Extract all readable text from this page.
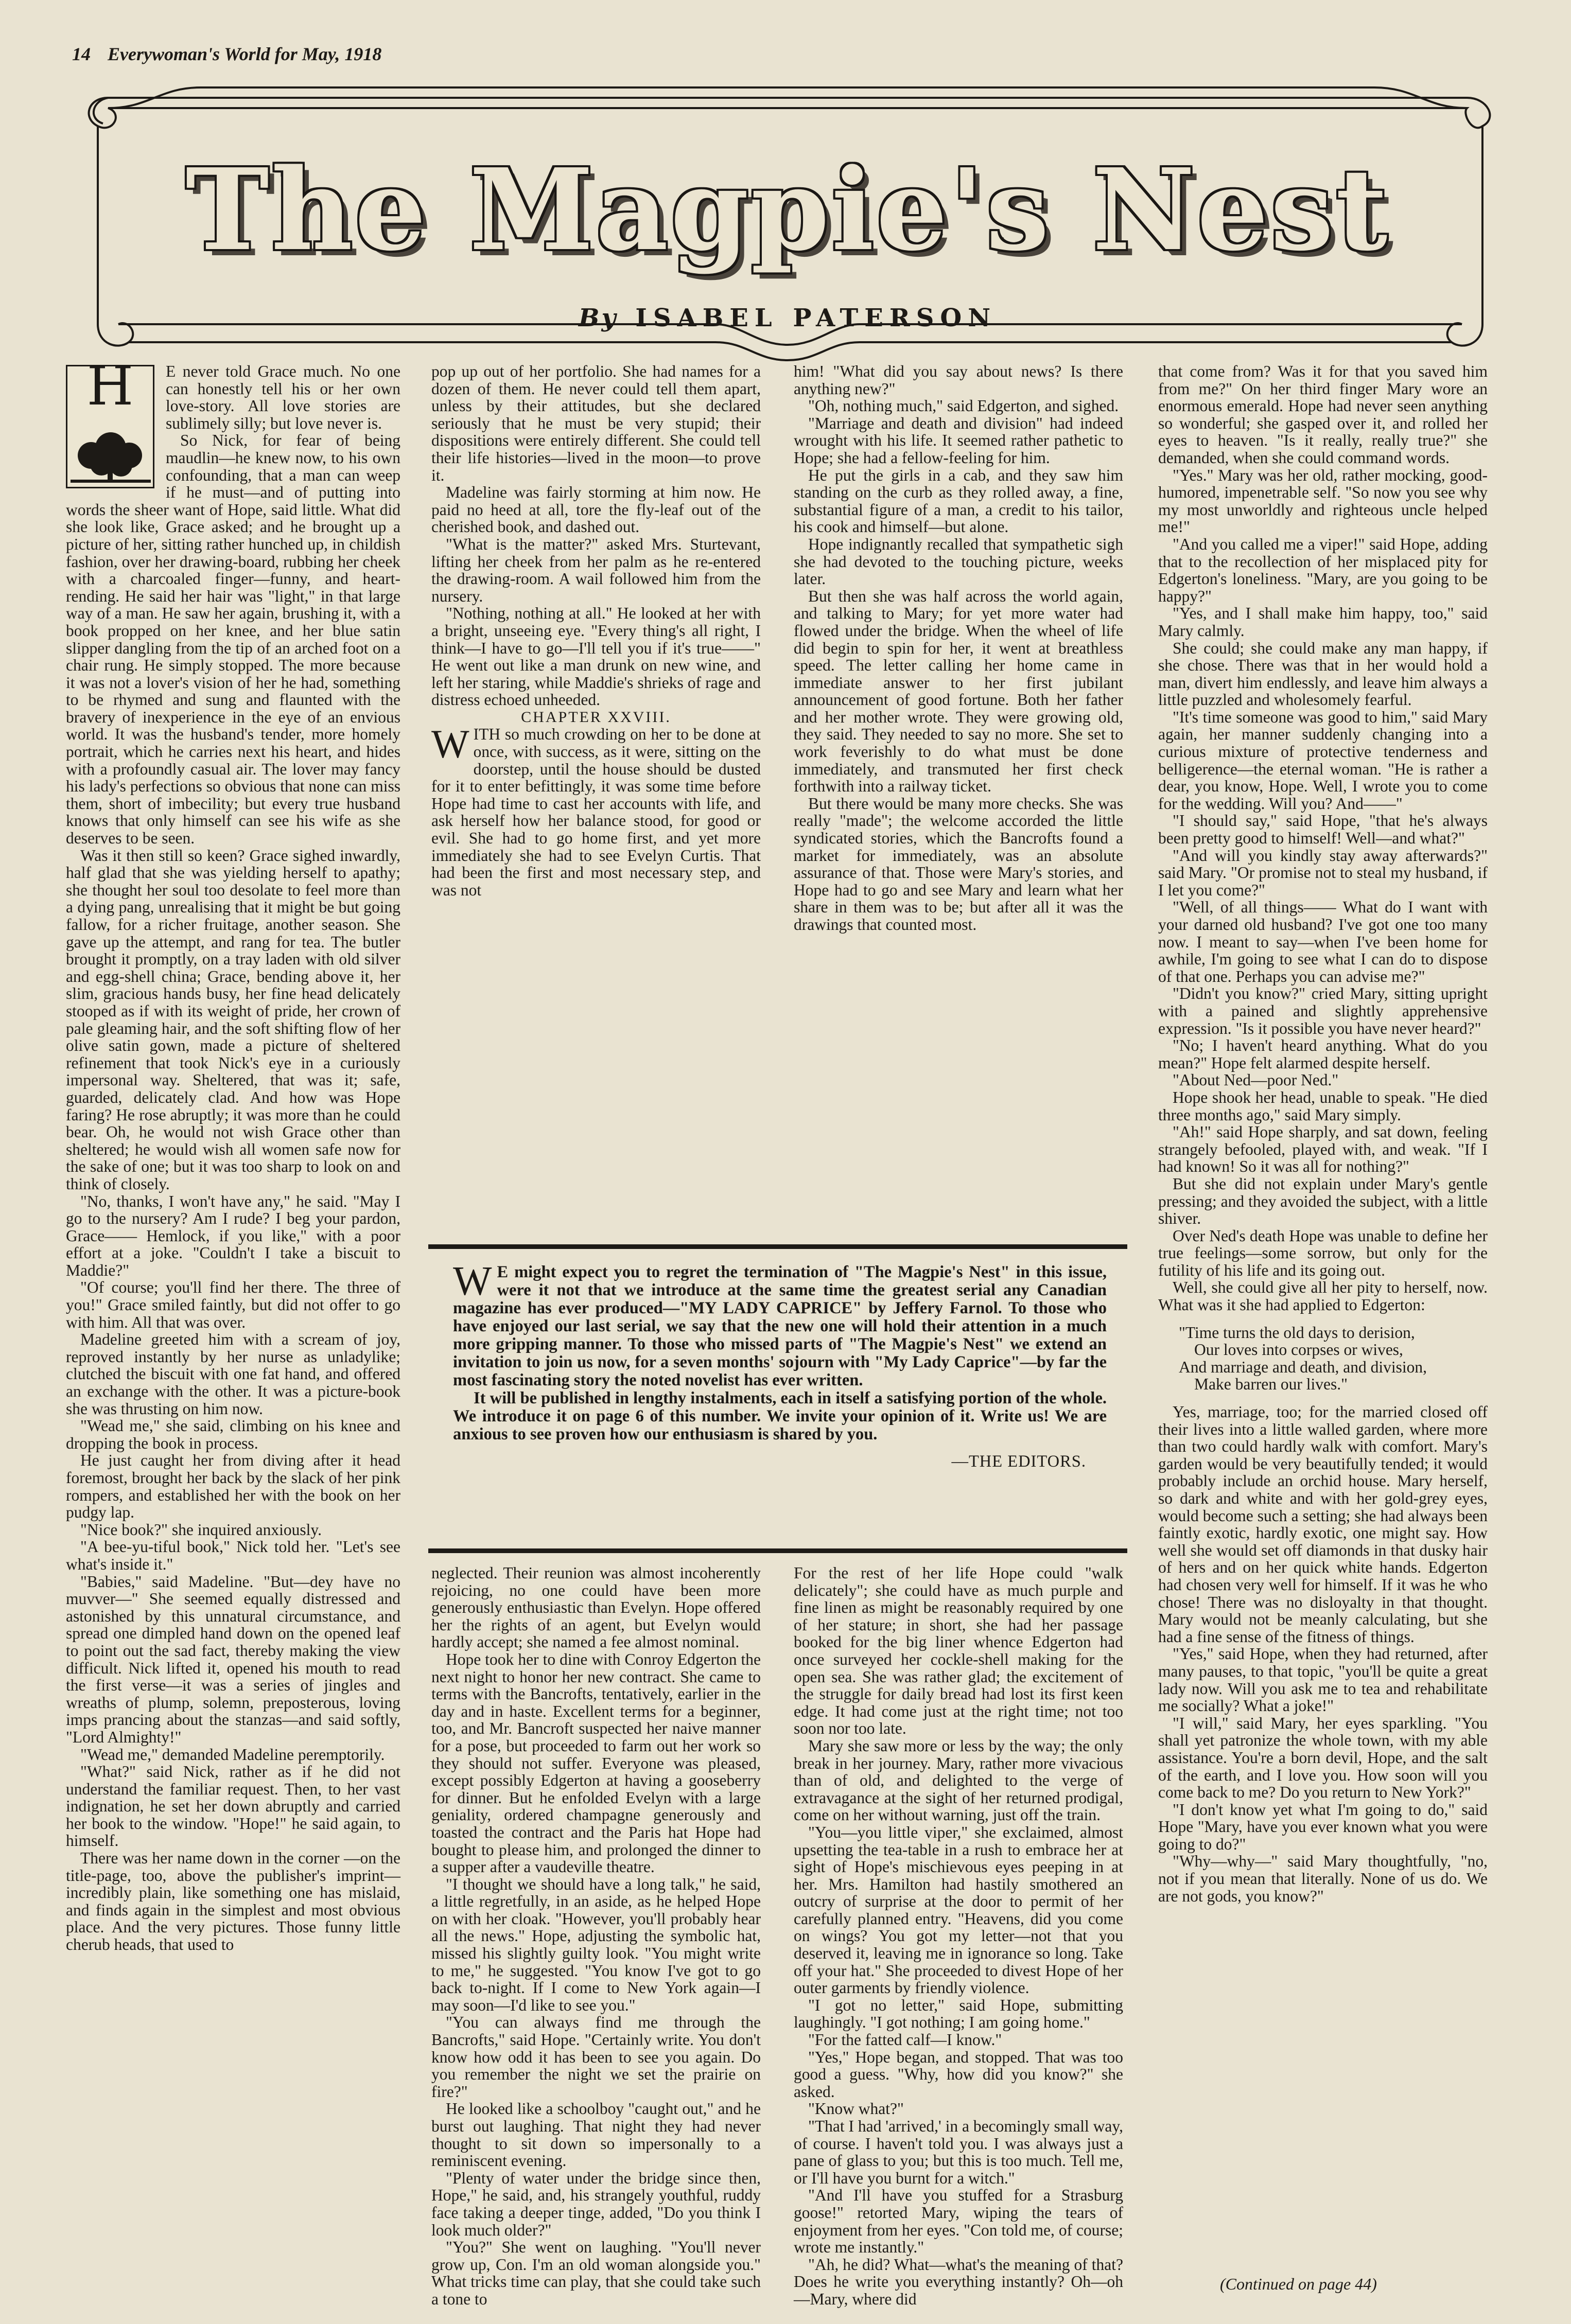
14 Everywoman's World for May, 1918
The Magpie's Nest
By ISABEL PATERSON
H	E never told Grace much. No one can honestly tell his or her own love-story. All love stories are sublimely silly; but love never is.

So Nick, for fear of being maudlin—he knew now, to his own confounding, that a man can weep if he must—and of putting into words the sheer want of Hope, said little. What did she look like, Grace asked; and he brought up a picture of her, sitting rather hunched up, in childish fashion, over her drawing-board, rubbing her cheek with a charcoaled finger—funny, and heart-rending. He said her hair was "light," in that large way of a man. He saw her again, brushing it, with a book propped on her knee, and her blue satin slipper dangling from the tip of an arched foot on a chair rung. He simply stopped. The more because it was not a lover's vision of her he had, something to be rhymed and sung and flaunted with the bravery of inexperience in the eye of an envious world. It was the husband's tender, more homely portrait, which he carries next his heart, and hides with a profoundly casual air. The lover may fancy his lady's perfections so obvious that none can miss them, short of imbecility; but every true husband knows that only himself can see his wife as she deserves to be seen.

Was it then still so keen? Grace sighed inwardly, half glad that she was yielding herself to apathy; she thought her soul too desolate to feel more than a dying pang, unrealising that it might be but going fallow, for a richer fruitage, another season. She gave up the attempt, and rang for tea. The butler brought it promptly, on a tray laden with old silver and egg-shell china; Grace, bending above it, her slim, gracious hands busy, her fine head delicately stooped as if with its weight of pride, her crown of pale gleaming hair, and the soft shifting flow of her olive satin gown, made a picture of sheltered refinement that took Nick's eye in a curiously impersonal way. Sheltered, that was it; safe, guarded, delicately clad. And how was Hope faring? He rose abruptly; it was more than he could bear. Oh, he would not wish Grace other than sheltered; he would wish all women safe now for the sake of one; but it was too sharp to look on and think of closely.

"No, thanks, I won't have any," he said. "May I go to the nursery? Am I rude? I beg your pardon, Grace—— Hemlock, if you like," with a poor effort at a joke. "Couldn't I take a biscuit to Maddie?"

"Of course; you'll find her there. The three of you!" Grace smiled faintly, but did not offer to go with him. All that was over.

Madeline greeted him with a scream of joy, reproved instantly by her nurse as unladylike; clutched the biscuit with one fat hand, and offered an exchange with the other. It was a picture-book she was thrusting on him now.

"Wead me," she said, climbing on his knee and dropping the book in process.

He just caught her from diving after it head foremost, brought her back by the slack of her pink rompers, and established her with the book on her pudgy lap.

"Nice book?" she inquired anxiously.

"A bee-yu-tiful book," Nick told her. "Let's see what's inside it."

"Babies," said Madeline. "But—dey have no muvver—" She seemed equally distressed and astonished by this unnatural circumstance, and spread one dimpled hand down on the opened leaf to point out the sad fact, thereby making the view difficult. Nick lifted it, opened his mouth to read the first verse—it was a series of jingles and wreaths of plump, solemn, preposterous, loving imps prancing about the stanzas—and said softly, "Lord Almighty!"

"Wead me," demanded Madeline peremptorily.

"What?" said Nick, rather as if he did not understand the familiar request. Then, to her vast indignation, he set her down abruptly and carried her book to the window. "Hope!" he said again, to himself.

There was her name down in the corner —on the title-page, too, above the publisher's imprint—incredibly plain, like something one has mislaid, and finds again in the simplest and most obvious place. And the very pictures. Those funny little cherub heads, that used to

pop up out of her portfolio. She had names for a dozen of them. He never could tell them apart, unless by their attitudes, but she declared seriously that he must be very stupid; their dispositions were entirely different. She could tell their life histories—lived in the moon—to prove it.

Madeline was fairly storming at him now. He paid no heed at all, tore the fly-leaf out of the cherished book, and dashed out.

"What is the matter?" asked Mrs. Sturtevant, lifting her cheek from her palm as he re-entered the drawing-room. A wail followed him from the nursery.

"Nothing, nothing at all." He looked at her with a bright, unseeing eye. "Every thing's all right, I think—I have to go—I'll tell you if it's true——" He went out like a man drunk on new wine, and left her staring, while Maddie's shrieks of rage and distress echoed unheeded.

CHAPTER XXVIII.

WITH so much crowding on her to be done at once, with success, as it were, sitting on the doorstep, until the house should be dusted for it to enter befittingly, it was some time before Hope had time to cast her accounts with life, and ask herself how her balance stood, for good or evil. She had to go home first, and yet more immediately she had to see Evelyn Curtis. That had been the first and most necessary step, and was not

him! "What did you say about news? Is there anything new?"

"Oh, nothing much," said Edgerton, and sighed.

"Marriage and death and division" had indeed wrought with his life. It seemed rather pathetic to Hope; she had a fellow-feeling for him.

He put the girls in a cab, and they saw him standing on the curb as they rolled away, a fine, substantial figure of a man, a credit to his tailor, his cook and himself—but alone.

Hope indignantly recalled that sympathetic sigh she had devoted to the touching picture, weeks later.

But then she was half across the world again, and talking to Mary; for yet more water had flowed under the bridge. When the wheel of life did begin to spin for her, it went at breathless speed. The letter calling her home came in immediate answer to her first jubilant announcement of good fortune. Both her father and her mother wrote. They were growing old, they said. They needed to say no more. She set to work feverishly to do what must be done immediately, and transmuted her first check forthwith into a railway ticket.

But there would be many more checks. She was really "made"; the welcome accorded the little syndicated stories, which the Bancrofts found a market for immediately, was an absolute assurance of that. Those were Mary's stories, and Hope had to go and see Mary and learn what her share in them was to be; but after all it was the drawings that counted most.

W E might expect you to regret the termination of "The Magpie's Nest" in this issue, were it not that we introduce at the same time the greatest serial any Canadian magazine has ever produced—"MY LADY CAPRICE" by Jeffery Farnol. To those who have enjoyed our last serial, we say that the new one will hold their attention in a much more gripping manner. To those who missed parts of "The Magpie's Nest" we extend an invitation to join us now, for a seven months' sojourn with "My Lady Caprice"—by far the most fascinating story the noted novelist has ever written.

It will be published in lengthy instalments, each in itself a satisfying portion of the whole. We introduce it on page 6 of this number. We invite your opinion of it. Write us! We are anxious to see proven how our enthusiasm is shared by you.

—THE EDITORS.

neglected. Their reunion was almost incoherently rejoicing, no one could have been more generously enthusiastic than Evelyn. Hope offered her the rights of an agent, but Evelyn would hardly accept; she named a fee almost nominal.

Hope took her to dine with Conroy Edgerton the next night to honor her new contract. She came to terms with the Bancrofts, tentatively, earlier in the day and in haste. Excellent terms for a beginner, too, and Mr. Bancroft suspected her naive manner for a pose, but proceeded to farm out her work so they should not suffer. Everyone was pleased, except possibly Edgerton at having a gooseberry for dinner. But he enfolded Evelyn with a large geniality, ordered champagne generously and toasted the contract and the Paris hat Hope had bought to please him, and prolonged the dinner to a supper after a vaudeville theatre.

"I thought we should have a long talk," he said, a little regretfully, in an aside, as he helped Hope on with her cloak. "However, you'll probably hear all the news." Hope, adjusting the symbolic hat, missed his slightly guilty look. "You might write to me," he suggested. "You know I've got to go back to-night. If I come to New York again—I may soon—I'd like to see you."

"You can always find me through the Bancrofts," said Hope. "Certainly write. You don't know how odd it has been to see you again. Do you remember the night we set the prairie on fire?"

He looked like a schoolboy "caught out," and he burst out laughing. That night they had never thought to sit down so impersonally to a reminiscent evening.

"Plenty of water under the bridge since then, Hope," he said, and, his strangely youthful, ruddy face taking a deeper tinge, added, "Do you think I look much older?"

"You?" She went on laughing. "You'll never grow up, Con. I'm an old woman alongside you." What tricks time can play, that she could take such a tone to

For the rest of her life Hope could "walk delicately"; she could have as much purple and fine linen as might be reasonably required by one of her stature; in short, she had her passage booked for the big liner whence Edgerton had once surveyed her cockle-shell making for the open sea. She was rather glad; the excitement of the struggle for daily bread had lost its first keen edge. It had come just at the right time; not too soon nor too late.

Mary she saw more or less by the way; the only break in her journey. Mary, rather more vivacious than of old, and delighted to the verge of extravagance at the sight of her returned prodigal, come on her without warning, just off the train.

"You—you little viper," she exclaimed, almost upsetting the tea-table in a rush to embrace her at sight of Hope's mischievous eyes peeping in at her. Mrs. Hamilton had hastily smothered an outcry of surprise at the door to permit of her carefully planned entry. "Heavens, did you come on wings? You got my letter—not that you deserved it, leaving me in ignorance so long. Take off your hat." She proceeded to divest Hope of her outer garments by friendly violence.

"I got no letter," said Hope, submitting laughingly. "I got nothing; I am going home."

"For the fatted calf—I know."

"Yes," Hope began, and stopped. That was too good a guess. "Why, how did you know?" she asked.

"Know what?"

"That I had 'arrived,' in a becomingly small way, of course. I haven't told you. I was always just a pane of glass to you; but this is too much. Tell me, or I'll have you burnt for a witch."

"And I'll have you stuffed for a Strasburg goose!" retorted Mary, wiping the tears of enjoyment from her eyes. "Con told me, of course; wrote me instantly."

"Ah, he did? What—what's the meaning of that? Does he write you everything instantly? Oh—oh—Mary, where did

that come from? Was it for that you saved him from me?" On her third finger Mary wore an enormous emerald. Hope had never seen anything so wonderful; she gasped over it, and rolled her eyes to heaven. "Is it really, really true?" she demanded, when she could command words.

"Yes." Mary was her old, rather mocking, good-humored, impenetrable self. "So now you see why my most unworldly and righteous uncle helped me!"

"And you called me a viper!" said Hope, adding that to the recollection of her misplaced pity for Edgerton's loneliness. "Mary, are you going to be happy?"

"Yes, and I shall make him happy, too," said Mary calmly.

She could; she could make any man happy, if she chose. There was that in her would hold a man, divert him endlessly, and leave him always a little puzzled and wholesomely fearful.

"It's time someone was good to him," said Mary again, her manner suddenly changing into a curious mixture of protective tenderness and belligerence—the eternal woman. "He is rather a dear, you know, Hope. Well, I wrote you to come for the wedding. Will you? And——"

"I should say," said Hope, "that he's always been pretty good to himself! Well—and what?"

"And will you kindly stay away afterwards?" said Mary. "Or promise not to steal my husband, if I let you come?"

"Well, of all things—— What do I want with your darned old husband? I've got one too many now. I meant to say—when I've been home for awhile, I'm going to see what I can do to dispose of that one. Perhaps you can advise me?"

"Didn't you know?" cried Mary, sitting upright with a pained and slightly apprehensive expression. "Is it possible you have never heard?"

"No; I haven't heard anything. What do you mean?" Hope felt alarmed despite herself.

"About Ned—poor Ned."

Hope shook her head, unable to speak. "He died three months ago," said Mary simply.

"Ah!" said Hope sharply, and sat down, feeling strangely befooled, played with, and weak. "If I had known! So it was all for nothing?"

But she did not explain under Mary's gentle pressing; and they avoided the subject, with a little shiver.

Over Ned's death Hope was unable to define her true feelings—some sorrow, but only for the futility of his life and its going out.

Well, she could give all her pity to herself, now. What was it she had applied to Edgerton:

"Time turns the old days to derision,
Our loves into corpses or wives,
And marriage and death, and division,
Make barren our lives."

Yes, marriage, too; for the married closed off their lives into a little walled garden, where more than two could hardly walk with comfort. Mary's garden would be very beautifully tended; it would probably include an orchid house. Mary herself, so dark and white and with her gold-grey eyes, would become such a setting; she had always been faintly exotic, hardly exotic, one might say. How well she would set off diamonds in that dusky hair of hers and on her quick white hands. Edgerton had chosen very well for himself. If it was he who chose! There was no disloyalty in that thought. Mary would not be meanly calculating, but she had a fine sense of the fitness of things.

"Yes," said Hope, when they had returned, after many pauses, to that topic, "you'll be quite a great lady now. Will you ask me to tea and rehabilitate me socially? What a joke!"

"I will," said Mary, her eyes sparkling. "You shall yet patronize the whole town, with my able assistance. You're a born devil, Hope, and the salt of the earth, and I love you. How soon will you come back to me? Do you return to New York?"

"I don't know yet what I'm going to do," said Hope "Mary, have you ever known what you were going to do?"

"Why—why—" said Mary thoughtfully, "no, not if you mean that literally. None of us do. We are not gods, you know?"

(Continued on page 44)
